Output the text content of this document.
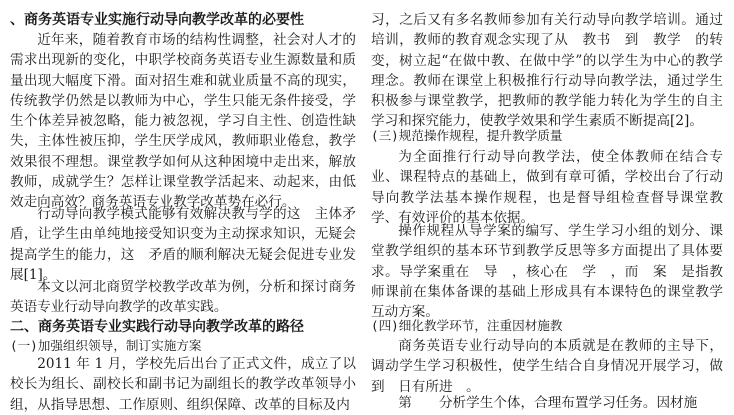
、商务英语专业实施行动导向教学改革的必要性

近年来，随着教育市场的结构性调整，社会对人才的需求出现新的变化，中职学校商务英语专业生源数量和质量出现大幅度下滑。面对招生难和就业质量不高的现实，传统教学仍然是以教师为中心，学生只能无条件接受，学生个体差异被忽略，能力被忽视，学习自主性、创造性缺失，主体性被压抑，学生厌学成风，教师职业倦怠，教学效果很不理想。课堂教学如何从这种困境中走出来，解放教师，成就学生？怎样让课堂教学活起来、动起来，由低效走向高效？商务英语专业教学改革势在必行。

行动导向教学模式能够有效解决教与学的这　主体矛盾，让学生由单纯地接受知识变为主动探求知识，无疑会提高学生的能力，这　矛盾的顺利解决无疑会促进专业发展[1]。

本文以河北商贸学校教学改革为例，分析和探讨商务英语专业行动导向教学的改革实践。

二、商务英语专业实践行动导向教学改革的路径
(一)加强组织领导，制订实施方案

2011 年 1 月，学校先后出台了正式文件，成立了以校长为组长、副校长和副书记为副组长的教学改革领导小组，从指导思想、工作原则、组织保障、改革的目标及内

习，之后又有多名教师参加有关行动导向教学培训。通过培训，教师的教育观念实现了从　教书　到　教学　的转变，树立起“在做中教、在做中学”的以学生为中心的教学理念。教师在课堂上积极推行行动导向教学法，通过学生积极参与课堂教学，把教师的教学能力转化为学生的自主学习和探究能力，使教学效果和学生素质不断提高[2]。

(三)规范操作规程，提升教学质量

为全面推行行动导向教学法，使全体教师在结合专业、课程特点的基础上，做到有章可循，学校出台了行动导向教学法基本操作规程，也是督导组检查督导课堂教学、有效评价的基本依据。

操作规程从导学案的编写、学生学习小组的划分、课堂教学组织的基本环节到教学反思等多方面提出了具体要求。导学案重在　导　，核心在　学　，而　案　是指教师课前在集体备课的基础上形成具有本课特色的课堂教学互动方案。

(四)细化教学环节，注重因材施教

商务英语专业行动导向的本质就是在教师的主导下，调动学生学习积极性，使学生结合自身情况开展学习，做到　日有所进　。

第　　分析学生个体，合理布置学习任务。因材施
